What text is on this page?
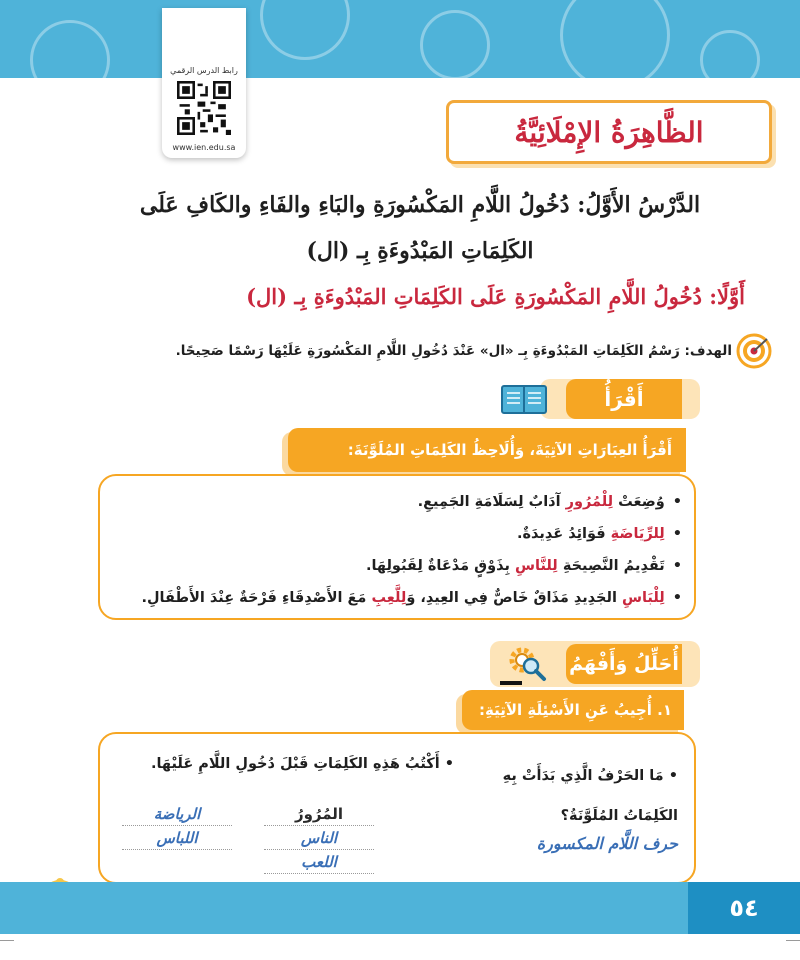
رابط الدرس الرقمي
www.ien.edu.sa	الظَّاهِرَةُ الإِمْلَائِيَّةُ
الدَّرْسُ الأَوَّلُ: دُخُولُ اللَّامِ المَكْسُورَةِ والبَاءِ والفَاءِ والكَافِ عَلَى
الكَلِمَاتِ المَبْدُوءَةِ بِـ (ال)
أَوَّلًا: دُخُولُ اللَّامِ المَكْسُورَةِ عَلَى الكَلِمَاتِ المَبْدُوءَةِ بِـ (ال)
الهدف: رَسْمُ الكَلِمَاتِ المَبْدُوءَةِ بِـ «ال» عَنْدَ دُخُولِ اللَّامِ المَكْسُورَةِ عَلَيْهَا رَسْمًا صَحِيحًا.
أَقْرَأُ
أَقْرَأُ العِبَارَاتِ الآتِيَةَ، وَأُلَاحِظُ الكَلِمَاتِ المُلَوَّنَةَ:
• وُضِعَتْ لِلْمُرُورِ آدَابٌ لِسَلَامَةِ الجَمِيعِ.
• لِلرِّيَاضَةِ فَوَائِدُ عَدِيدَةٌ.
• تَقْدِيمُ النَّصِيحَةِ لِلنَّاسِ بِذَوْقٍ مَدْعَاةٌ لِقَبُولِهَا.
• لِلْبَاسِ الجَدِيدِ مَذَاقٌ خَاصٌّ فِي العِيدِ، وَلِلَّعِبِ مَعَ الأَصْدِقَاءِ فَرْحَةٌ عِنْدَ الأَطْفَالِ.
أُحَلِّلُ وَأَفْهَمُ
١. أُجِيبُ عَنِ الأَسْئِلَةِ الآتِيَةِ:
• مَا الحَرْفُ الَّذِي بَدَأَتْ بِهِ
الكَلِمَاتُ المُلَوَّنَةُ؟
حرف اللَّام المكسورة
• أَكْتُبُ هَذِهِ الكَلِمَاتِ قَبْلَ دُخُولِ اللَّامِ عَلَيْهَا.
المُرُورُ
الناس
اللعب
الرياضة
اللباس
٥٤
